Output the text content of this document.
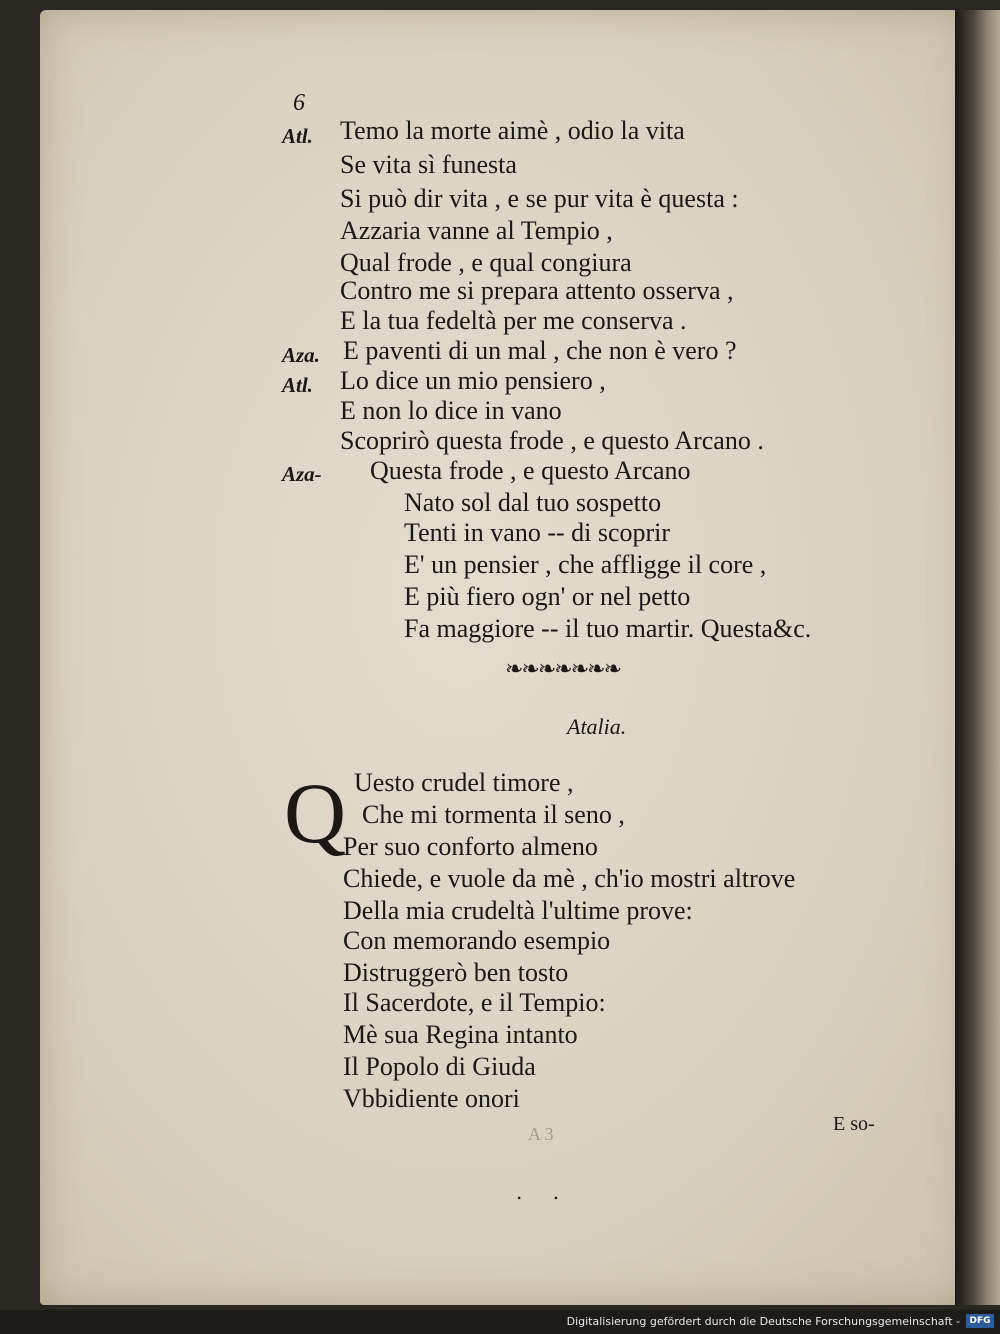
6
Atl. Temo la morte aimè , odio la vita
Se vita sì funesta
Si può dir vita , e se pur vita è questa :
Azzaria vanne al Tempio ,
Qual frode , e qual congiura
Contro me si prepara attento osserva ,
E la tua fedeltà per me conserva .
Aza. E paventi di un mal , che non è vero ?
Atl. Lo dice un mio pensiero ,
E non lo dice in vano
Scoprirò questa frode , e questo Arcano .
Aza- Questa frode , e questo Arcano
Nato sol dal tuo sospetto
Tenti in vano -- di scoprir
E' un pensier , che affligge il core ,
E più fiero ogn' or nel petto
Fa maggiore -- il tuo martir. Questa&c.
❧❧❧❧❧❧❧
Atalia.
Q Uesto crudel timore ,
Che mi tormenta il seno ,
Per suo conforto almeno
Chiede, e vuole da mè , ch'io mostri altrove
Della mia crudeltà l'ultime prove:
Con memorando esempio
Distruggerò ben tosto
Il Sacerdote, e il Tempio:
Mè sua Regina intanto
Il Popolo di Giuda
Vbbidiente onori
A 3	E so-
. .
Digitalisierung gefördert durch die Deutsche Forschungsgemeinschaft -	DFG
